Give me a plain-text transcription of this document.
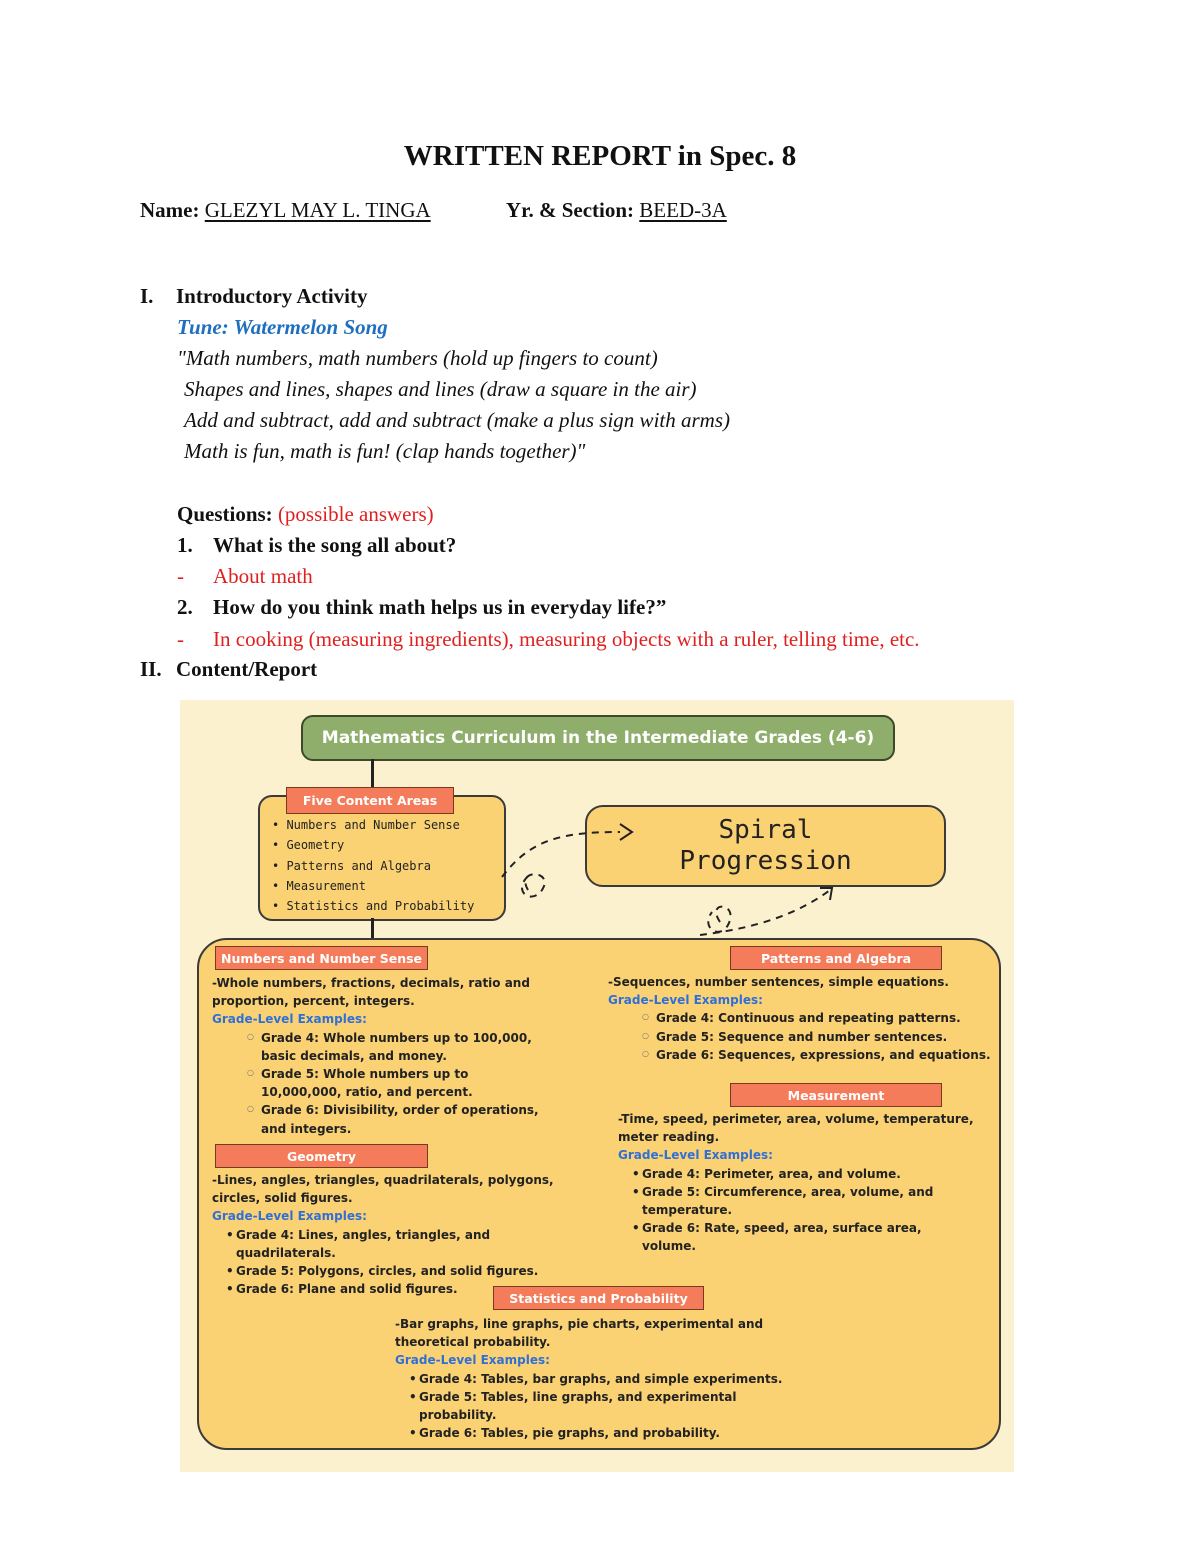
WRITTEN REPORT in Spec. 8
Name: GLEZYL MAY L. TINGA	Yr. & Section: BEED-3A
I. Introductory Activity
Tune: Watermelon Song
"Math numbers, math numbers (hold up fingers to count)
Shapes and lines, shapes and lines (draw a square in the air)
Add and subtract, add and subtract (make a plus sign with arms)
Math is fun, math is fun! (clap hands together)"
Questions: (possible answers)
1. What is the song all about?
- About math
2. How do you think math helps us in everyday life?”
- In cooking (measuring ingredients), measuring objects with a ruler, telling time, etc.
II. Content/Report
Mathematics Curriculum in the Intermediate Grades (4-6)
• Numbers and Number Sense
• Geometry
• Patterns and Algebra
• Measurement
• Statistics and Probability
Five Content Areas
Spiral
Progression
Numbers and Number Sense
-Whole numbers, fractions, decimals, ratio and proportion, percent, integers.
Grade-Level Examples:
○ Grade 4: Whole numbers up to 100,000, basic decimals, and money.
○ Grade 5: Whole numbers up to 10,000,000, ratio, and percent.
○ Grade 6: Divisibility, order of operations, and integers.
Patterns and Algebra
-Sequences, number sentences, simple equations.
Grade-Level Examples:
○ Grade 4: Continuous and repeating patterns.
○ Grade 5: Sequence and number sentences.
○ Grade 6: Sequences, expressions, and equations.
Geometry
-Lines, angles, triangles, quadrilaterals, polygons, circles, solid figures.
Grade-Level Examples:
• Grade 4: Lines, angles, triangles, and quadrilaterals.
• Grade 5: Polygons, circles, and solid figures.
• Grade 6: Plane and solid figures.
Measurement
-Time, speed, perimeter, area, volume, temperature, meter reading.
Grade-Level Examples:
• Grade 4: Perimeter, area, and volume.
• Grade 5: Circumference, area, volume, and temperature.
• Grade 6: Rate, speed, area, surface area, volume.
Statistics and Probability
-Bar graphs, line graphs, pie charts, experimental and theoretical probability.
Grade-Level Examples:
• Grade 4: Tables, bar graphs, and simple experiments.
• Grade 5: Tables, line graphs, and experimental probability.
• Grade 6: Tables, pie graphs, and probability.
